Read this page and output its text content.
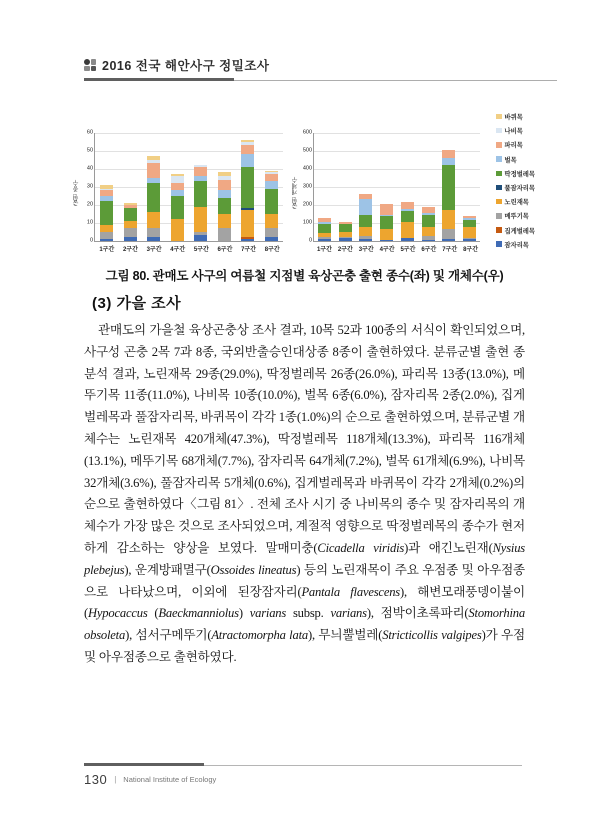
2016 전국 해안사구 정밀조사
출현 종수
0
10
20
30
40
50
60
1구간 2구간 3구간 4구간 5구간 6구간 7구간 8구간
출현 개체수
0
100
200
300
400
500
600
1구간 2구간 3구간 4구간 5구간 6구간 7구간 8구간
바퀴목
나비목
파리목
벌목
딱정벌레목
풀잠자리목
노린재목
메뚜기목
집게벌레목
잠자리목
그림 80. 관매도 사구의 여름철 지점별 육상곤충 출현 종수(좌) 및 개체수(우)
(3) 가을 조사

관매도의 가을철 육상곤충상 조사 결과, 10목 52과 100종의 서식이 확인되었으며, 사구성 곤충 2목 7과 8종, 국외반출승인대상종 8종이 출현하였다. 분류군별 출현 종 분석 결과, 노린재목 29종(29.0%), 딱정벌레목 26종(26.0%), 파리목 13종(13.0%), 메뚜기목 11종(11.0%), 나비목 10종(10.0%), 벌목 6종(6.0%), 잠자리목 2종(2.0%), 집게벌레목과 풀잠자리목, 바퀴목이 각각 1종(1.0%)의 순으로 출현하였으며, 분류군별 개체수는 노린재목 420개체(47.3%), 딱정벌레목 118개체(13.3%), 파리목 116개체(13.1%), 메뚜기목 68개체(7.7%), 잠자리목 64개체(7.2%), 벌목 61개체(6.9%), 나비목 32개체(3.6%), 풀잠자리목 5개체(0.6%), 집게벌레목과 바퀴목이 각각 2개체(0.2%)의 순으로 출현하였다〈그림 81〉. 전체 조사 시기 중 나비목의 종수 및 잠자리목의 개체수가 가장 많은 것으로 조사되었으며, 계절적 영향으로 딱정벌레목의 종수가 현저하게 감소하는 양상을 보였다. 말매미충(Cicadella viridis)과 애긴노린재(Nysius plebejus), 운계방패멸구(Ossoides lineatus) 등의 노린재목이 주요 우점종 및 아우점종으로 나타났으며, 이외에 된장잠자리(Pantala flavescens), 해변모래풍뎅이붙이(Hypocaccus (Baeckmanniolus) varians subsp. varians), 점박이초록파리(Stomorhina obsoleta), 섬서구메뚜기(Atractomorpha lata), 무늬뿔벌레(Stricticollis valgipes)가 우점 및 아우점종으로 출현하였다.

130 | National Institute of Ecology
